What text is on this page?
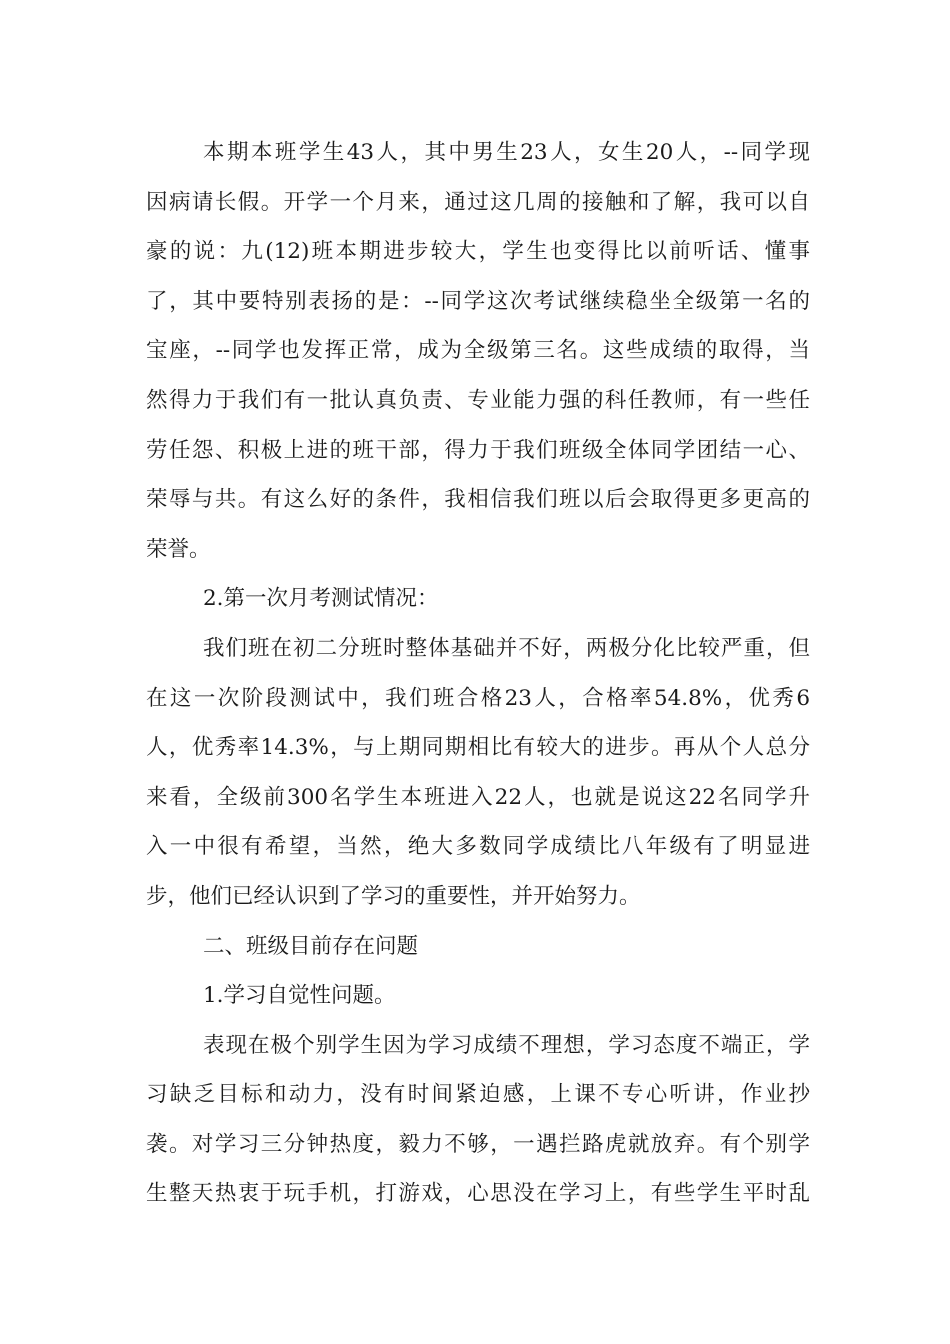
本期本班学生43人，其中男生23人，女生20人，--同学现
因病请长假。开学一个月来，通过这几周的接触和了解，我可以自
豪的说：九(12)班本期进步较大，学生也变得比以前听话、懂事
了，其中要特别表扬的是：--同学这次考试继续稳坐全级第一名的
宝座，--同学也发挥正常，成为全级第三名。这些成绩的取得，当
然得力于我们有一批认真负责、专业能力强的科任教师，有一些任
劳任怨、积极上进的班干部，得力于我们班级全体同学团结一心、
荣辱与共。有这么好的条件，我相信我们班以后会取得更多更高的
荣誉。
2.第一次月考测试情况：
我们班在初二分班时整体基础并不好，两极分化比较严重，但
在这一次阶段测试中，我们班合格23人，合格率54.8%，优秀6
人，优秀率14.3%，与上期同期相比有较大的进步。再从个人总分
来看，全级前300名学生本班进入22人，也就是说这22名同学升
入一中很有希望，当然，绝大多数同学成绩比八年级有了明显进
步，他们已经认识到了学习的重要性，并开始努力。
二、班级目前存在问题
1.学习自觉性问题。
表现在极个别学生因为学习成绩不理想，学习态度不端正，学
习缺乏目标和动力，没有时间紧迫感，上课不专心听讲，作业抄
袭。对学习三分钟热度，毅力不够，一遇拦路虎就放弃。有个别学
生整天热衷于玩手机，打游戏，心思没在学习上，有些学生平时乱
